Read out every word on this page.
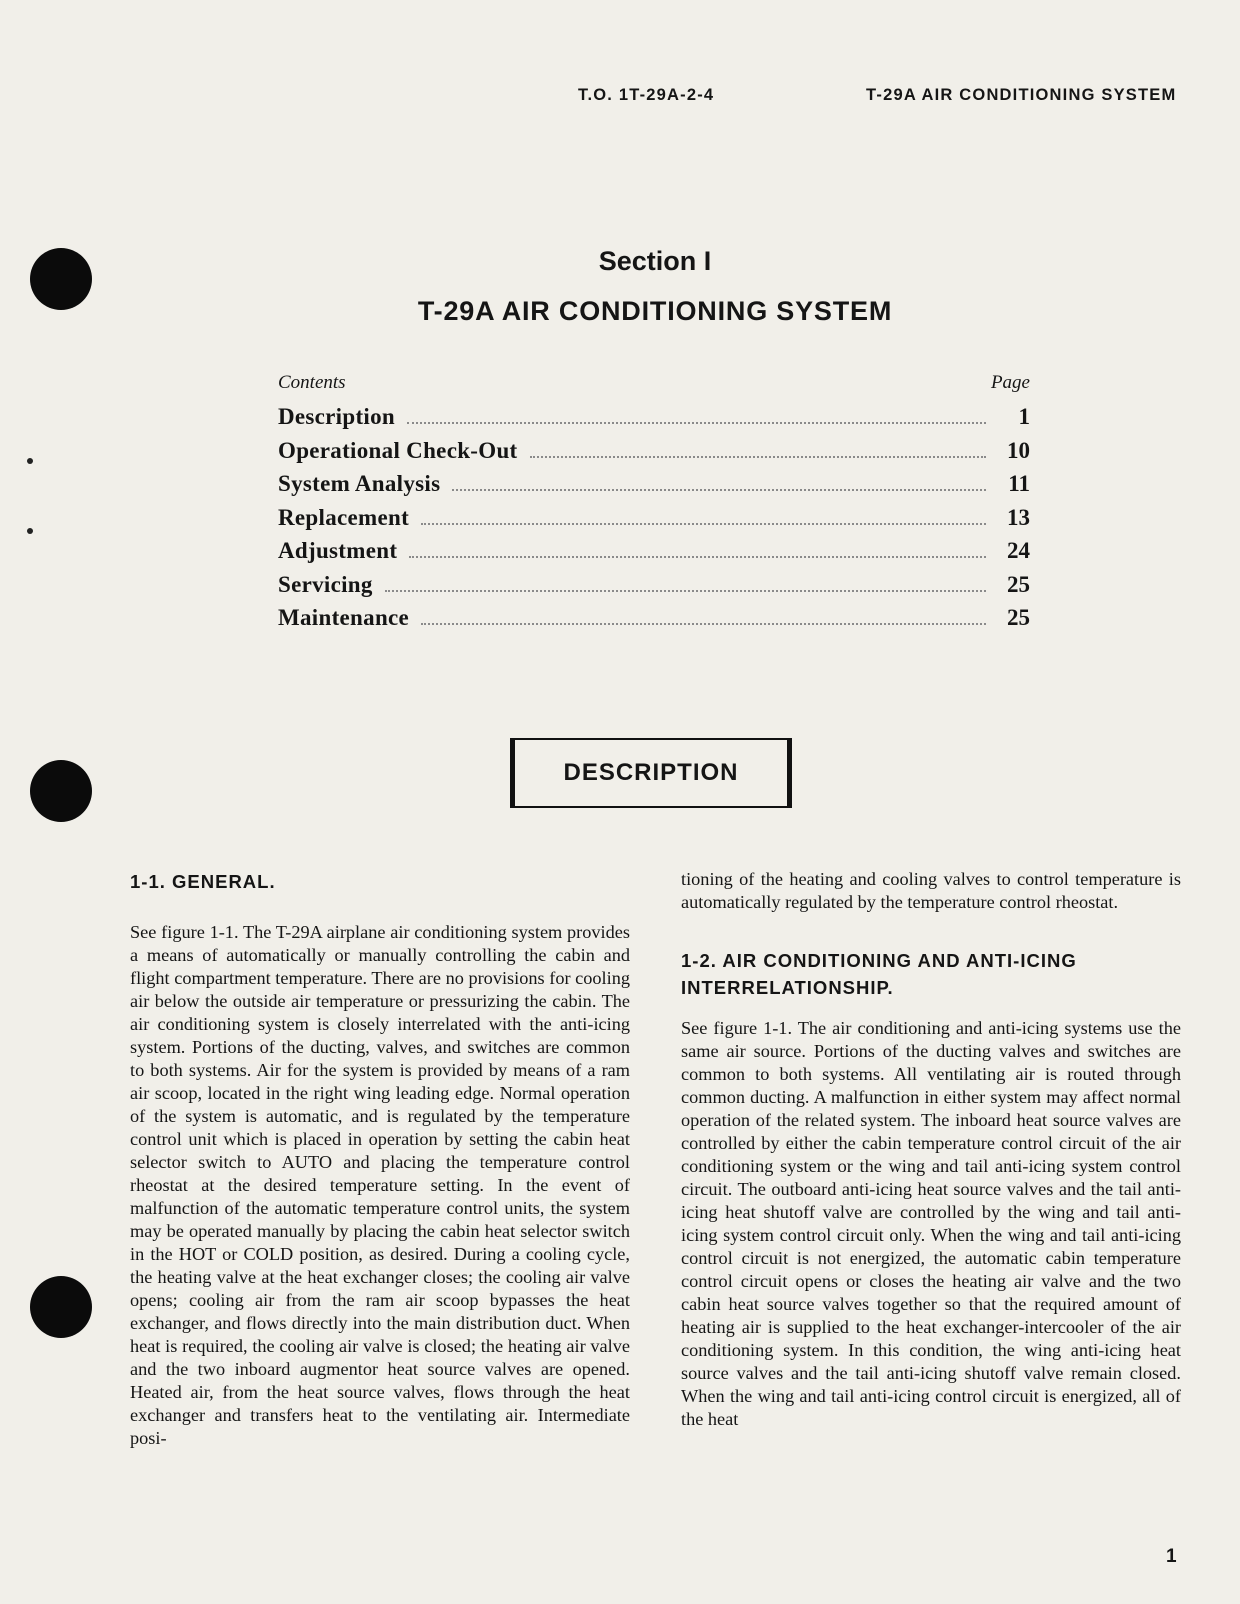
T.O. 1T-29A-2-4	T-29A AIR CONDITIONING SYSTEM
Section I
T-29A AIR CONDITIONING SYSTEM
Contents	Page
Description	1
Operational Check-Out	10
System Analysis	11
Replacement	13
Adjustment	24
Servicing	25
Maintenance	25
DESCRIPTION
1-1. GENERAL.

See figure 1-1. The T-29A airplane air conditioning system provides a means of automatically or manually controlling the cabin and flight compartment temperature. There are no provisions for cooling air below the outside air temperature or pressurizing the cabin. The air conditioning system is closely interrelated with the anti-icing system. Portions of the ducting, valves, and switches are common to both systems. Air for the system is provided by means of a ram air scoop, located in the right wing leading edge. Normal operation of the system is automatic, and is regulated by the temperature control unit which is placed in operation by setting the cabin heat selector switch to AUTO and placing the temperature control rheostat at the desired temperature setting. In the event of malfunction of the automatic temperature control units, the system may be operated manually by placing the cabin heat selector switch in the HOT or COLD position, as desired. During a cooling cycle, the heating valve at the heat exchanger closes; the cooling air valve opens; cooling air from the ram air scoop bypasses the heat exchanger, and flows directly into the main distribution duct. When heat is required, the cooling air valve is closed; the heating air valve and the two inboard augmentor heat source valves are opened. Heated air, from the heat source valves, flows through the heat exchanger and transfers heat to the ventilating air. Intermediate posi-

tioning of the heating and cooling valves to control temperature is automatically regulated by the temperature control rheostat.

1-2. AIR CONDITIONING AND ANTI-ICING INTERRELATIONSHIP.

See figure 1-1. The air conditioning and anti-icing systems use the same air source. Portions of the ducting valves and switches are common to both systems. All ventilating air is routed through common ducting. A malfunction in either system may affect normal operation of the related system. The inboard heat source valves are controlled by either the cabin temperature control circuit of the air conditioning system or the wing and tail anti-icing system control circuit. The outboard anti-icing heat source valves and the tail anti-icing heat shutoff valve are controlled by the wing and tail anti-icing system control circuit only. When the wing and tail anti-icing control circuit is not energized, the automatic cabin temperature control circuit opens or closes the heating air valve and the two cabin heat source valves together so that the required amount of heating air is supplied to the heat exchanger-intercooler of the air conditioning system. In this condition, the wing anti-icing heat source valves and the tail anti-icing shutoff valve remain closed. When the wing and tail anti-icing control circuit is energized, all of the heat

1
